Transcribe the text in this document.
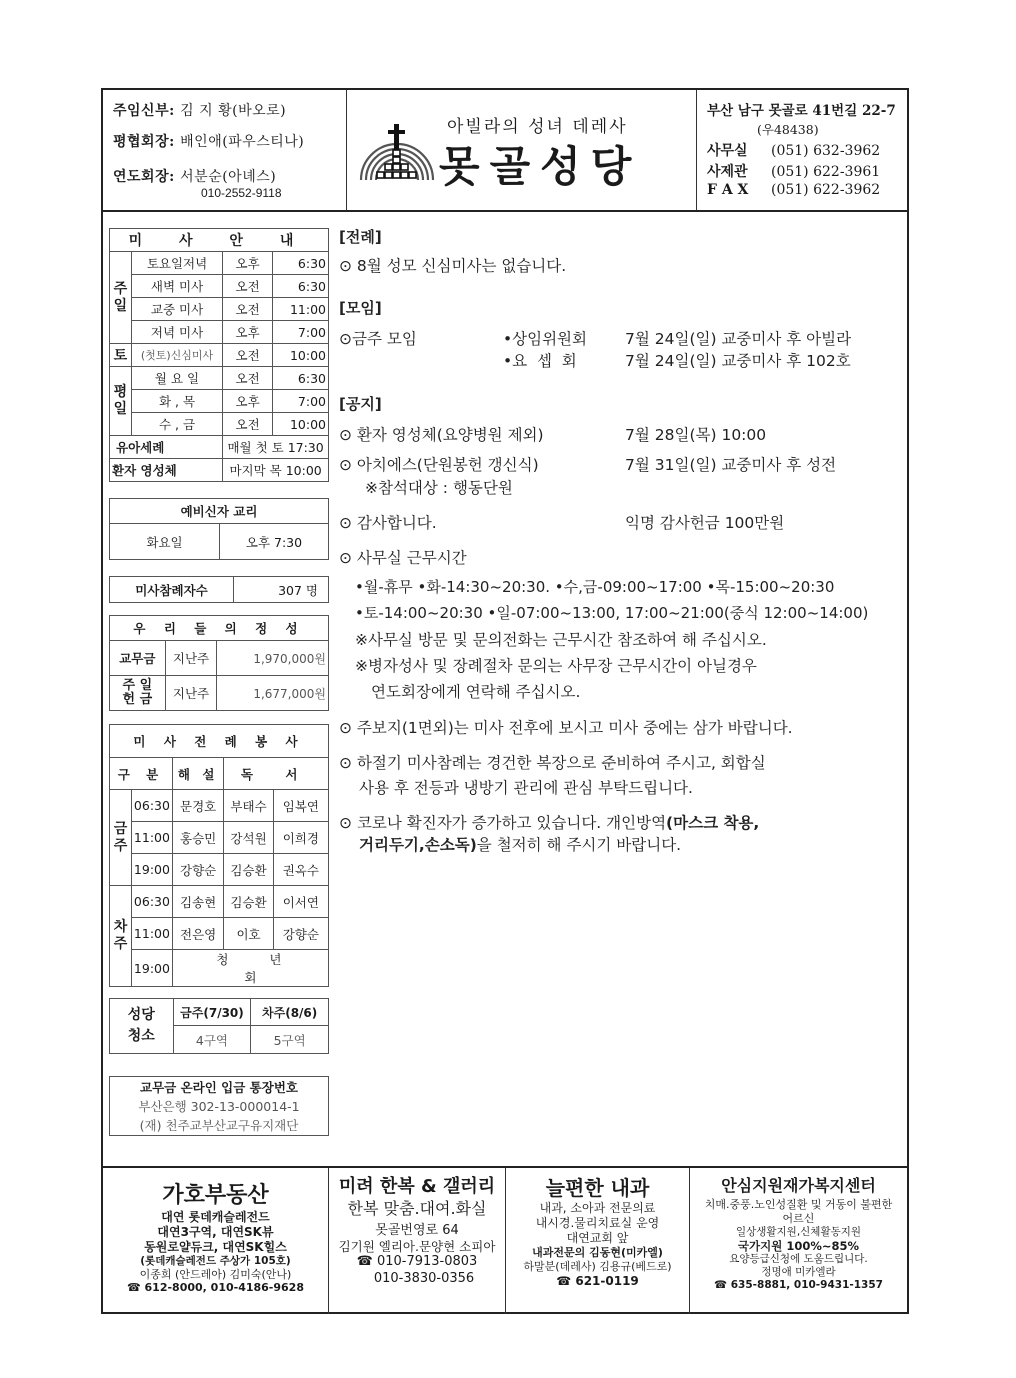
주임신부: 김 지 황(바오로)
평협회장: 배인애(파우스티나)
연도회장: 서분순(아녜스)
010-2552-9118
아빌라의 성녀 데레사
못골성당
부산 남구 못골로 41번길 22-7
(우48438)
사무실 (051) 632-3962
사제관 (051) 622-3961
F A X (051) 622-3962
미 사 안 내			
주
일	토요일저녁	오후	6:30
	새벽 미사	오전	6:30
	교중 미사	오전	11:00
	저녁 미사	오후	7:00
토	(첫토)신심미사	오전	10:00
평
일	월 요 일	오전	6:30
	화 , 목	오후	7:00
	수 , 금	오전	10:00
유아세례		매월 첫 토 17:30	
환자 영성체		마지막 목 10:00	
예비신자 교리
화요일	오후 7:30
미사참례자수	307 명
우 리 들 의 정 성		
교무금	지난주	1,970,000원
주 일
헌 금	지난주	1,677,000원
미 사 전 례 봉 사				
구 분		해 설	독 서	
금
주	06:30	문경호	부태수	임복연
	11:00	홍승민	강석원	이희경
	19:00	강향순	김승환	권옥수
차
주	06:30	김송현	김승환	이서연
	11:00	전은영	이호	강향순
	19:00	청 년회		
성당
청소	금주(7/30)	차주(8/6)
	4구역	5구역
교무금 온라인 입금 통장번호
부산은행 302-13-000014-1
(재) 천주교부산교구유지재단
[전례]
⊙ 8월 성모 신심미사는 없습니다.
[모임]
⊙금주 모임	•상임위원회 7월 24일(일) 교중미사 후 아빌라
•요  셉  회	7월 24일(일) 교중미사 후 102호
[공지]
⊙ 환자 영성체(요양병원 제외)	7월 28일(목) 10:00
⊙ 아치에스(단원봉헌 갱신식)	7월 31일(일) 교중미사 후 성전
※참석대상 : 행동단원
⊙ 감사합니다.	익명 감사헌금 100만원
⊙ 사무실 근무시간
•월-휴무 •화-14:30~20:30. •수,금-09:00~17:00 •목-15:00~20:30
•토-14:00~20:30 •일-07:00~13:00, 17:00~21:00(중식 12:00~14:00)
※사무실 방문 및 문의전화는 근무시간 참조하여 해 주십시오.
※병자성사 및 장례절차 문의는 사무장 근무시간이 아닐경우
연도회장에게 연락해 주십시오.
⊙ 주보지(1면외)는 미사 전후에 보시고 미사 중에는 삼가 바랍니다.
⊙ 하절기 미사참례는 경건한 복장으로 준비하여 주시고, 회합실
사용 후 전등과 냉방기 관리에 관심 부탁드립니다.
⊙ 코로나 확진자가 증가하고 있습니다. 개인방역(마스크 착용,
거리두기,손소독)을 철저히 해 주시기 바랍니다.
가호부동산
대연 롯데캐슬레전드
대연3구역, 대연SK뷰
동원로얄듀크, 대연SK힐스
(롯데캐슬레전드 주상가 105호)
이종희 (안드레아) 김미숙(안나)
☎ 612-8000, 010-4186-9628
미려 한복 & 갤러리
한복 맞춤.대여.화실
못골번영로 64
김기원 엘리아.문양현 소피아
☎ 010-7913-0803
010-3830-0356
늘편한 내과
내과, 소아과 전문의료
내시경.물리치료실 운영
대연교회 앞
내과전문의 김동현(미카엘)
하말분(데레사) 김용규(베드로)
☎ 621-0119
안심지원재가복지센터
치매.중풍.노인성질환 및 거동이 불편한
어르신
일상생활지원,신체활동지원
국가지원 100%~85%
요양등급신청에 도움드립니다.
정명애 미카엘라
☎ 635-8881, 010-9431-1357
